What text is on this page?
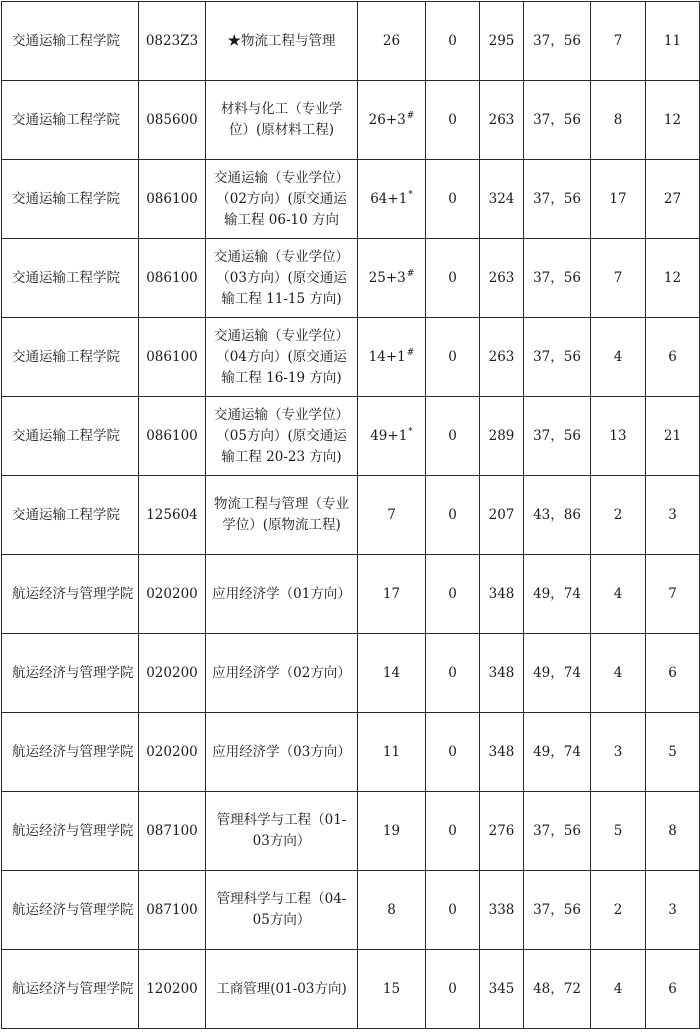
交通运输工程学院	0823Z3	★物流工程与管理	26	0	295	37，56	7	11
交通运输工程学院	085600	材料与化工（专业学位）(原材料工程)	26+3#	0	263	37，56	8	12
交通运输工程学院	086100	交通运输（专业学位）（02方向）(原交通运输工程 06-10 方向	64+1*	0	324	37，56	17	27
交通运输工程学院	086100	交通运输（专业学位）（03方向）(原交通运输工程 11-15 方向)	25+3#	0	263	37，56	7	12
交通运输工程学院	086100	交通运输（专业学位）（04方向）(原交通运输工程 16-19 方向)	14+1#	0	263	37，56	4	6
交通运输工程学院	086100	交通运输（专业学位）（05方向）(原交通运输工程 20-23 方向)	49+1*	0	289	37，56	13	21
交通运输工程学院	125604	物流工程与管理（专业学位）(原物流工程)	7	0	207	43，86	2	3
航运经济与管理学院	020200	应用经济学（01方向）	17	0	348	49，74	4	7
航运经济与管理学院	020200	应用经济学（02方向）	14	0	348	49，74	4	6
航运经济与管理学院	020200	应用经济学（03方向）	11	0	348	49，74	3	5
航运经济与管理学院	087100	管理科学与工程（01-03方向）	19	0	276	37，56	5	8
航运经济与管理学院	087100	管理科学与工程（04-05方向）	8	0	338	37，56	2	3
航运经济与管理学院	120200	工商管理(01-03方向)	15	0	345	48，72	4	6
